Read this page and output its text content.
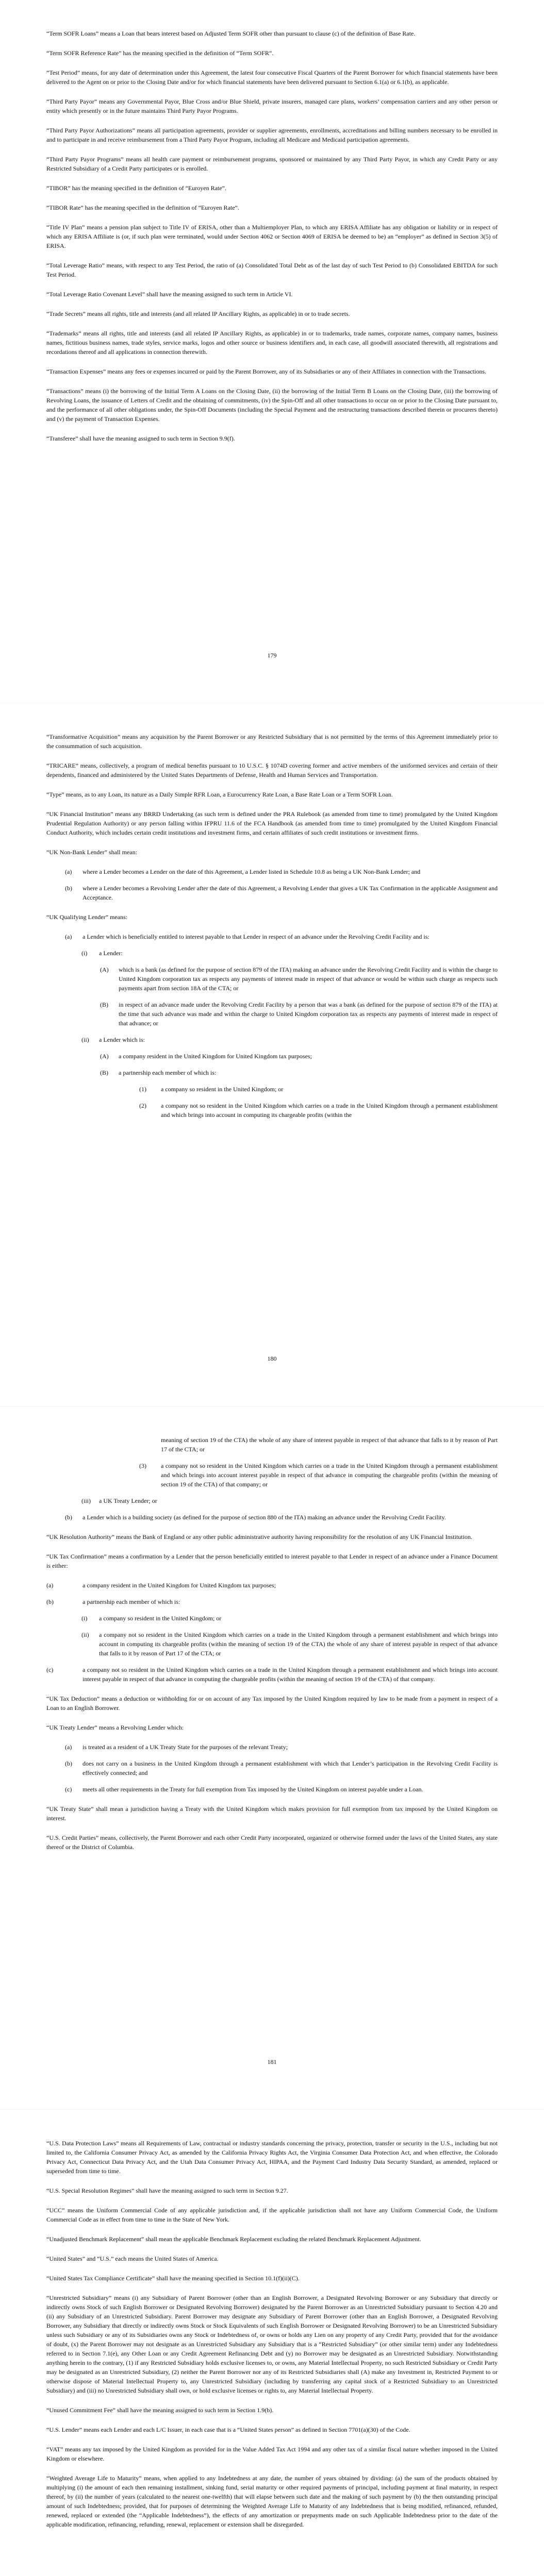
“Term SOFR Loans” means a Loan that bears interest based on Adjusted Term SOFR other than pursuant to clause (c) of the definition of Base Rate.

“Term SOFR Reference Rate” has the meaning specified in the definition of “Term SOFR”.

“Test Period” means, for any date of determination under this Agreement, the latest four consecutive Fiscal Quarters of the Parent Borrower for which financial statements have been delivered to the Agent on or prior to the Closing Date and/or for which financial statements have been delivered pursuant to Section 6.1(a) or 6.1(b), as applicable.

“Third Party Payor” means any Governmental Payor, Blue Cross and/or Blue Shield, private insurers, managed care plans, workers’ compensation carriers and any other person or entity which presently or in the future maintains Third Party Payor Programs.

“Third Party Payor Authorizations” means all participation agreements, provider or supplier agreements, enrollments, accreditations and billing numbers necessary to be enrolled in and to participate in and receive reimbursement from a Third Party Payor Program, including all Medicare and Medicaid participation agreements.

“Third Party Payor Programs” means all health care payment or reimbursement programs, sponsored or maintained by any Third Party Payor, in which any Credit Party or any Restricted Subsidiary of a Credit Party participates or is enrolled.

“TIBOR” has the meaning specified in the definition of “Euroyen Rate”.

“TIBOR Rate” has the meaning specified in the definition of “Euroyen Rate”.

“Title IV Plan” means a pension plan subject to Title IV of ERISA, other than a Multiemployer Plan, to which any ERISA Affiliate has any obligation or liability or in respect of which any ERISA Affiliate is (or, if such plan were terminated, would under Section 4062 or Section 4069 of ERISA be deemed to be) an “employer” as defined in Section 3(5) of ERISA.

“Total Leverage Ratio” means, with respect to any Test Period, the ratio of (a) Consolidated Total Debt as of the last day of such Test Period to (b) Consolidated EBITDA for such Test Period.

“Total Leverage Ratio Covenant Level” shall have the meaning assigned to such term in Article VI.

“Trade Secrets” means all rights, title and interests (and all related IP Ancillary Rights, as applicable) in or to trade secrets.

“Trademarks” means all rights, title and interests (and all related IP Ancillary Rights, as applicable) in or to trademarks, trade names, corporate names, company names, business names, fictitious business names, trade styles, service marks, logos and other source or business identifiers and, in each case, all goodwill associated therewith, all registrations and recordations thereof and all applications in connection therewith.

“Transaction Expenses” means any fees or expenses incurred or paid by the Parent Borrower, any of its Subsidiaries or any of their Affiliates in connection with the Transactions.

“Transactions” means (i) the borrowing of the Initial Term A Loans on the Closing Date, (ii) the borrowing of the Initial Term B Loans on the Closing Date, (iii) the borrowing of Revolving Loans, the issuance of Letters of Credit and the obtaining of commitments, (iv) the Spin-Off and all other transactions to occur on or prior to the Closing Date pursuant to, and the performance of all other obligations under, the Spin-Off Documents (including the Special Payment and the restructuring transactions described therein or procurers thereto) and (v) the payment of Transaction Expenses.

“Transferee” shall have the meaning assigned to such term in Section 9.9(f).

179

“Transformative Acquisition” means any acquisition by the Parent Borrower or any Restricted Subsidiary that is not permitted by the terms of this Agreement immediately prior to the consummation of such acquisition.

“TRICARE” means, collectively, a program of medical benefits pursuant to 10 U.S.C. § 1074D covering former and active members of the uniformed services and certain of their dependents, financed and administered by the United States Departments of Defense, Health and Human Services and Transportation.

“Type” means, as to any Loan, its nature as a Daily Simple RFR Loan, a Eurocurrency Rate Loan, a Base Rate Loan or a Term SOFR Loan.

“UK Financial Institution” means any BRRD Undertaking (as such term is defined under the PRA Rulebook (as amended from time to time) promulgated by the United Kingdom Prudential Regulation Authority) or any person falling within IFPRU 11.6 of the FCA Handbook (as amended from time to time) promulgated by the United Kingdom Financial Conduct Authority, which includes certain credit institutions and investment firms, and certain affiliates of such credit institutions or investment firms.

“UK Non-Bank Lender” shall mean:

(a)	where a Lender becomes a Lender on the date of this Agreement, a Lender listed in Schedule 10.8 as being a UK Non-Bank Lender; and
(b)	where a Lender becomes a Revolving Lender after the date of this Agreement, a Revolving Lender that gives a UK Tax Confirmation in the applicable Assignment and Acceptance.

“UK Qualifying Lender” means:

(a)	a Lender which is beneficially entitled to interest payable to that Lender in respect of an advance under the Revolving Credit Facility and is:
(i)	a Lender:
(A)	which is a bank (as defined for the purpose of section 879 of the ITA) making an advance under the Revolving Credit Facility and is within the charge to United Kingdom corporation tax as respects any payments of interest made in respect of that advance or would be within such charge as respects such payments apart from section 18A of the CTA; or
(B)	in respect of an advance made under the Revolving Credit Facility by a person that was a bank (as defined for the purpose of section 879 of the ITA) at the time that such advance was made and within the charge to United Kingdom corporation tax as respects any payments of interest made in respect of that advance; or
(ii)	a Lender which is:
(A)	a company resident in the United Kingdom for United Kingdom tax purposes;
(B)	a partnership each member of which is:
(1)	a company so resident in the United Kingdom; or
(2)	a company not so resident in the United Kingdom which carries on a trade in the United Kingdom through a permanent establishment and which brings into account in computing its chargeable profits (within the
180
meaning of section 19 of the CTA) the whole of any share of interest payable in respect of that advance that falls to it by reason of Part 17 of the CTA; or
(3)	a company not so resident in the United Kingdom which carries on a trade in the United Kingdom through a permanent establishment and which brings into account interest payable in respect of that advance in computing the chargeable profits (within the meaning of section 19 of the CTA) of that company; or
(iii)	a UK Treaty Lender; or
(b)	a Lender which is a building society (as defined for the purpose of section 880 of the ITA) making an advance under the Revolving Credit Facility.

“UK Resolution Authority” means the Bank of England or any other public administrative authority having responsibility for the resolution of any UK Financial Institution.

“UK Tax Confirmation” means a confirmation by a Lender that the person beneficially entitled to interest payable to that Lender in respect of an advance under a Finance Document is either:

(a)	a company resident in the United Kingdom for United Kingdom tax purposes;
(b)	a partnership each member of which is:
(i)	a company so resident in the United Kingdom; or
(ii)	a company not so resident in the United Kingdom which carries on a trade in the United Kingdom through a permanent establishment and which brings into account in computing its chargeable profits (within the meaning of section 19 of the CTA) the whole of any share of interest payable in respect of that advance that falls to it by reason of Part 17 of the CTA; or
(c)	a company not so resident in the United Kingdom which carries on a trade in the United Kingdom through a permanent establishment and which brings into account interest payable in respect of that advance in computing the chargeable profits (within the meaning of section 19 of the CTA) of that company.

“UK Tax Deduction” means a deduction or withholding for or on account of any Tax imposed by the United Kingdom required by law to be made from a payment in respect of a Loan to an English Borrower.

“UK Treaty Lender” means a Revolving Lender which:

(a)	is treated as a resident of a UK Treaty State for the purposes of the relevant Treaty;
(b)	does not carry on a business in the United Kingdom through a permanent establishment with which that Lender’s participation in the Revolving Credit Facility is effectively connected; and
(c)	meets all other requirements in the Treaty for full exemption from Tax imposed by the United Kingdom on interest payable under a Loan.

“UK Treaty State” shall mean a jurisdiction having a Treaty with the United Kingdom which makes provision for full exemption from tax imposed by the United Kingdom on interest.

“U.S. Credit Parties” means, collectively, the Parent Borrower and each other Credit Party incorporated, organized or otherwise formed under the laws of the United States, any state thereof or the District of Columbia.

181

“U.S. Data Protection Laws” means all Requirements of Law, contractual or industry standards concerning the privacy, protection, transfer or security in the U.S., including but not limited to, the California Consumer Privacy Act, as amended by the California Privacy Rights Act, the Virginia Consumer Data Protection Act, and when effective, the Colorado Privacy Act, Connecticut Data Privacy Act, and the Utah Data Consumer Privacy Act, HIPAA, and the Payment Card Industry Data Security Standard, as amended, replaced or superseded from time to time.

“U.S. Special Resolution Regimes” shall have the meaning assigned to such term in Section 9.27.

“UCC” means the Uniform Commercial Code of any applicable jurisdiction and, if the applicable jurisdiction shall not have any Uniform Commercial Code, the Uniform Commercial Code as in effect from time to time in the State of New York.

“Unadjusted Benchmark Replacement” shall mean the applicable Benchmark Replacement excluding the related Benchmark Replacement Adjustment.

“United States” and “U.S.” each means the United States of America.

“United States Tax Compliance Certificate” shall have the meaning specified in Section 10.1(f)(ii)(C).

“Unrestricted Subsidiary” means (i) any Subsidiary of Parent Borrower (other than an English Borrower, a Designated Revolving Borrower or any Subsidiary that directly or indirectly owns Stock of such English Borrower or Designated Revolving Borrower) designated by the Parent Borrower as an Unrestricted Subsidiary pursuant to Section 4.20 and (ii) any Subsidiary of an Unrestricted Subsidiary. Parent Borrower may designate any Subsidiary of Parent Borrower (other than an English Borrower, a Designated Revolving Borrower, any Subsidiary that directly or indirectly owns Stock or Stock Equivalents of such English Borrower or Designated Revolving Borrower) to be an Unrestricted Subsidiary unless such Subsidiary or any of its Subsidiaries owns any Stock or Indebtedness of, or owns or holds any Lien on any property of any Credit Party, provided that for the avoidance of doubt, (x) the Parent Borrower may not designate as an Unrestricted Subsidiary any Subsidiary that is a “Restricted Subsidiary” (or other similar term) under any Indebtedness referred to in Section 7.1(e), any Other Loan or any Credit Agreement Refinancing Debt and (y) no Borrower may be designated as an Unrestricted Subsidiary. Notwithstanding anything herein to the contrary, (1) if any Restricted Subsidiary holds exclusive licenses to, or owns, any Material Intellectual Property, no such Restricted Subsidiary or Credit Party may be designated as an Unrestricted Subsidiary, (2) neither the Parent Borrower nor any of its Restricted Subsidiaries shall (A) make any Investment in, Restricted Payment to or otherwise dispose of Material Intellectual Property to, any Unrestricted Subsidiary (including by transferring any capital stock of a Restricted Subsidiary to an Unrestricted Subsidiary) and (iii) no Unrestricted Subsidiary shall own, or hold exclusive licenses or rights to, any Material Intellectual Property.

“Unused Commitment Fee” shall have the meaning assigned to such term in Section 1.9(b).

“U.S. Lender” means each Lender and each L/C Issuer, in each case that is a “United States person” as defined in Section 7701(a)(30) of the Code.

“VAT” means any tax imposed by the United Kingdom as provided for in the Value Added Tax Act 1994 and any other tax of a similar fiscal nature whether imposed in the United Kingdom or elsewhere.

“Weighted Average Life to Maturity” means, when applied to any Indebtedness at any date, the number of years obtained by dividing: (a) the sum of the products obtained by multiplying (i) the amount of each then remaining installment, sinking fund, serial maturity or other required payments of principal, including payment at final maturity, in respect thereof, by (ii) the number of years (calculated to the nearest one-twelfth) that will elapse between such date and the making of such payment by (b) the then outstanding principal amount of such Indebtedness; provided, that for purposes of determining the Weighted Average Life to Maturity of any Indebtedness that is being modified, refinanced, refunded, renewed, replaced or extended (the “Applicable Indebtedness”), the effects of any amortization or prepayments made on such Applicable Indebtedness prior to the date of the applicable modification, refinancing, refunding, renewal, replacement or extension shall be disregarded.
